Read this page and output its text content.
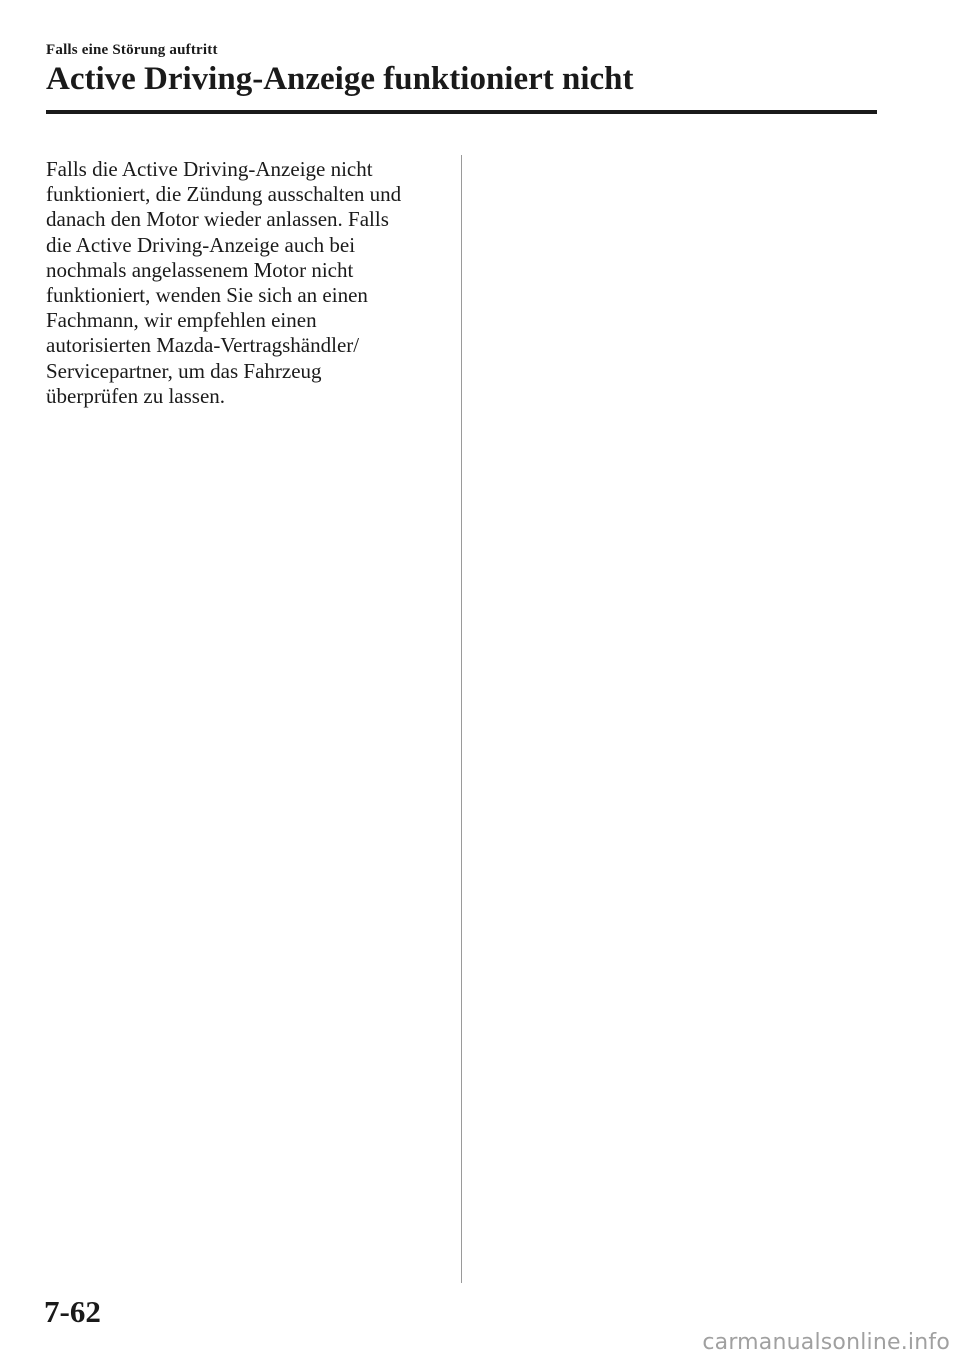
Falls eine Störung auftritt
Active Driving-Anzeige funktioniert nicht
Falls die Active Driving-Anzeige nicht
funktioniert, die Zündung ausschalten und
danach den Motor wieder anlassen. Falls
die Active Driving-Anzeige auch bei
nochmals angelassenem Motor nicht
funktioniert, wenden Sie sich an einen
Fachmann, wir empfehlen einen
autorisierten Mazda-Vertragshändler/
Servicepartner, um das Fahrzeug
überprüfen zu lassen.
7-62
carmanualsonline.info
